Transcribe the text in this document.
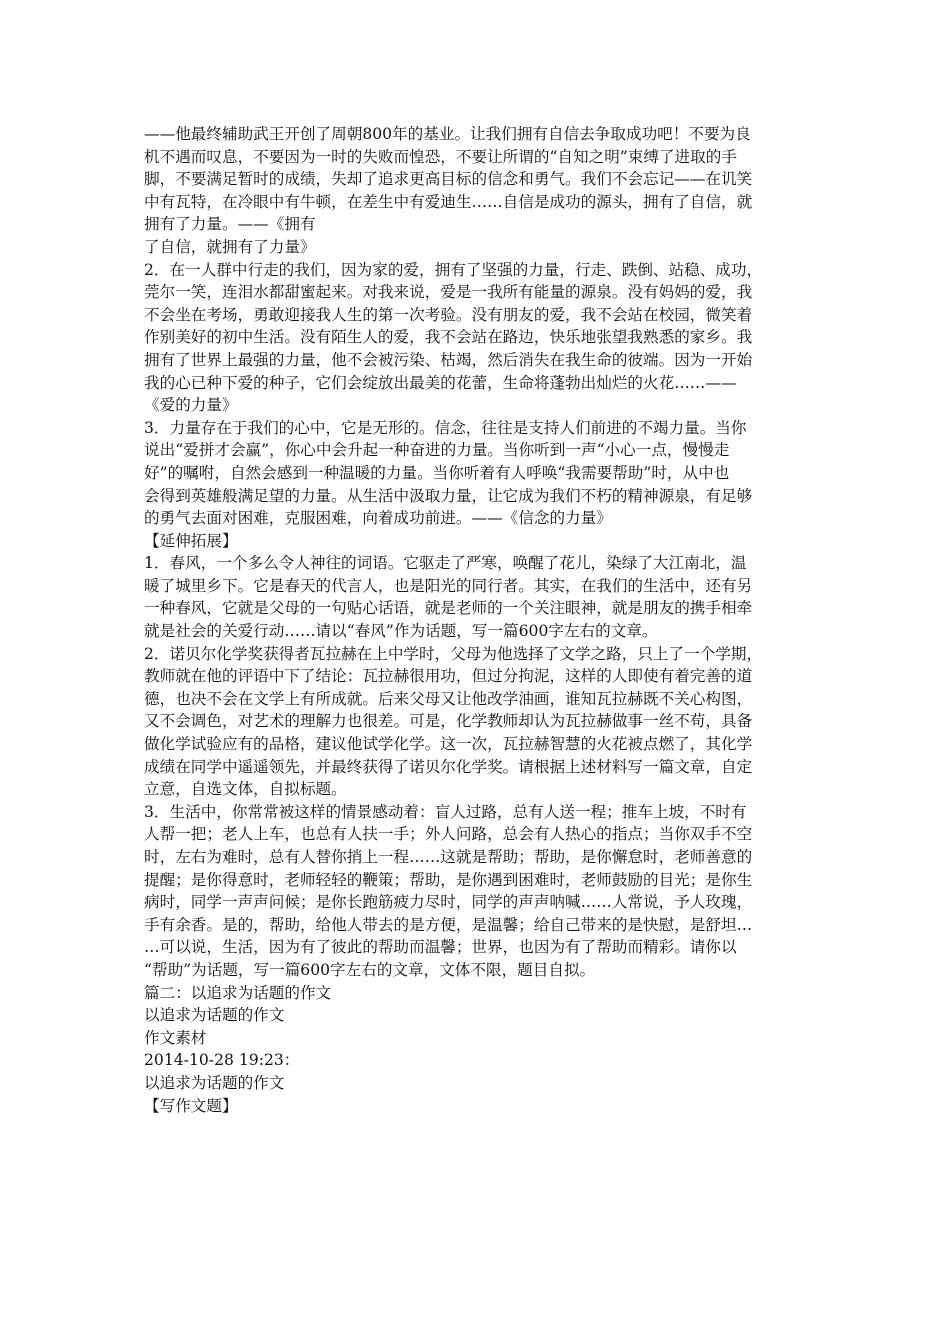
——他最终辅助武王开创了周朝800年的基业。让我们拥有自信去争取成功吧！不要为良
机不遇而叹息，不要因为一时的失败而惶恐，不要让所谓的“自知之明”束缚了进取的手
脚，不要满足暂时的成绩，失却了追求更高目标的信念和勇气。我们不会忘记——在讥笑
中有瓦特，在冷眼中有牛顿，在差生中有爱迪生……自信是成功的源头，拥有了自信，就
拥有了力量。——《拥有
了自信，就拥有了力量》
2．在一人群中行走的我们，因为家的爱，拥有了坚强的力量，行走、跌倒、站稳、成功，
莞尔一笑，连泪水都甜蜜起来。对我来说，爱是一我所有能量的源泉。没有妈妈的爱，我
不会坐在考场，勇敢迎接我人生的第一次考验。没有朋友的爱，我不会站在校园，微笑着
作别美好的初中生活。没有陌生人的爱，我不会站在路边，快乐地张望我熟悉的家乡。我
拥有了世界上最强的力量，他不会被污染、枯竭，然后消失在我生命的彼端。因为一开始
我的心已种下爱的种子，它们会绽放出最美的花蕾，生命将蓬勃出灿烂的火花……——
《爱的力量》
3．力量存在于我们的心中，它是无形的。信念，往往是支持人们前进的不竭力量。当你
说出“爱拼才会赢”，你心中会升起一种奋进的力量。当你听到一声“小心一点，慢慢走
好”的嘱咐，自然会感到一种温暖的力量。当你听着有人呼唤“我需要帮助”时，从中也
会得到英雄般满足望的力量。从生活中汲取力量，让它成为我们不朽的精神源泉，有足够
的勇气去面对困难，克服困难，向着成功前进。——《信念的力量》
【延伸拓展】
1．春风，一个多么令人神往的词语。它驱走了严寒，唤醒了花儿，染绿了大江南北，温
暖了城里乡下。它是春天的代言人，也是阳光的同行者。其实，在我们的生活中，还有另
一种春风，它就是父母的一句贴心话语，就是老师的一个关注眼神，就是朋友的携手相牵
就是社会的关爱行动……请以“春风”作为话题，写一篇600字左右的文章。
2．诺贝尔化学奖获得者瓦拉赫在上中学时，父母为他选择了文学之路，只上了一个学期，
教师就在他的评语中下了结论：瓦拉赫很用功，但过分拘泥，这样的人即使有着完善的道
德，也决不会在文学上有所成就。后来父母又让他改学油画，谁知瓦拉赫既不关心构图，
又不会调色，对艺术的理解力也很差。可是，化学教师却认为瓦拉赫做事一丝不苟，具备
做化学试验应有的品格，建议他试学化学。这一次，瓦拉赫智慧的火花被点燃了，其化学
成绩在同学中遥遥领先，并最终获得了诺贝尔化学奖。请根据上述材料写一篇文章，自定
立意，自选文体，自拟标题。
3．生活中，你常常被这样的情景感动着：盲人过路，总有人送一程；推车上坡，不时有
人帮一把；老人上车，也总有人扶一手；外人问路，总会有人热心的指点；当你双手不空
时，左右为难时，总有人替你捎上一程……这就是帮助；帮助，是你懈怠时，老师善意的
提醒；是你得意时，老师轻轻的鞭策；帮助，是你遇到困难时，老师鼓励的目光；是你生
病时，同学一声声问候；是你长跑筋疲力尽时，同学的声声呐喊……人常说，予人玫瑰，
手有余香。是的，帮助，给他人带去的是方便，是温馨；给自己带来的是快慰，是舒坦…
…可以说，生活，因为有了彼此的帮助而温馨；世界，也因为有了帮助而精彩。请你以
“帮助”为话题，写一篇600字左右的文章，文体不限，题目自拟。
篇二：以追求为话题的作文
以追求为话题的作文
作文素材
2014-10-28 19:23：
以追求为话题的作文
【写作文题】
